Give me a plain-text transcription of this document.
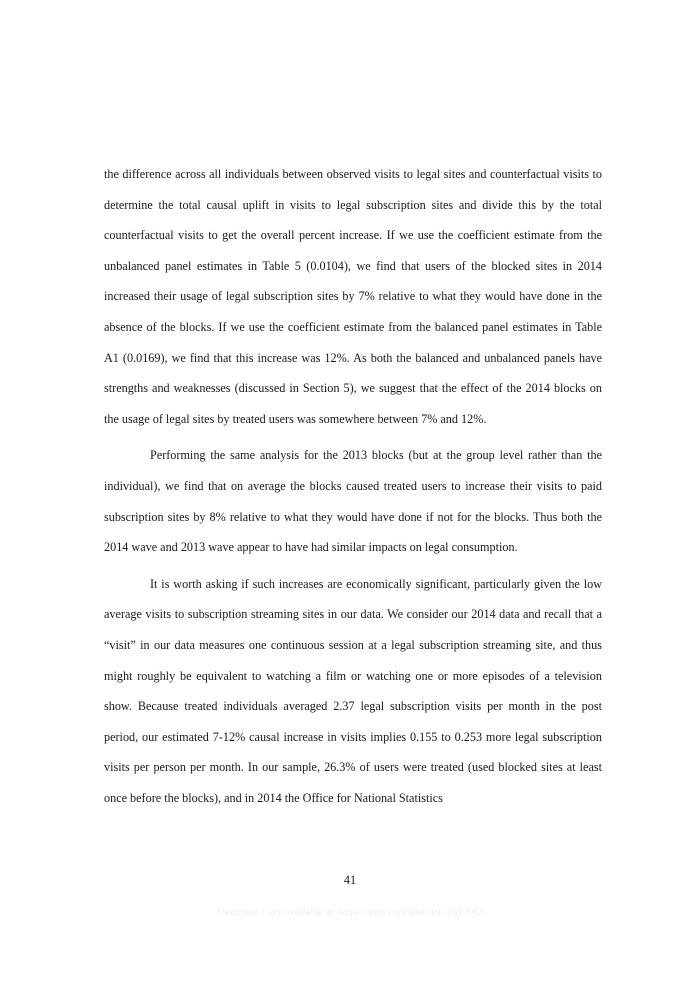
the difference across all individuals between observed visits to legal sites and counterfactual visits to determine the total causal uplift in visits to legal subscription sites and divide this by the total counterfactual visits to get the overall percent increase. If we use the coefficient estimate from the unbalanced panel estimates in Table 5 (0.0104), we find that users of the blocked sites in 2014 increased their usage of legal subscription sites by 7% relative to what they would have done in the absence of the blocks. If we use the coefficient estimate from the balanced panel estimates in Table A1 (0.0169), we find that this increase was 12%. As both the balanced and unbalanced panels have strengths and weaknesses (discussed in Section 5), we suggest that the effect of the 2014 blocks on the usage of legal sites by treated users was somewhere between 7% and 12%.

Performing the same analysis for the 2013 blocks (but at the group level rather than the individual), we find that on average the blocks caused treated users to increase their visits to paid subscription sites by 8% relative to what they would have done if not for the blocks. Thus both the 2014 wave and 2013 wave appear to have had similar impacts on legal consumption.

It is worth asking if such increases are economically significant, particularly given the low average visits to subscription streaming sites in our data. We consider our 2014 data and recall that a “visit” in our data measures one continuous session at a legal subscription streaming site, and thus might roughly be equivalent to watching a film or watching one or more episodes of a television show. Because treated individuals averaged 2.37 legal subscription visits per month in the post period, our estimated 7-12% causal increase in visits implies 0.155 to 0.253 more legal subscription visits per person per month. In our sample, 26.3% of users were treated (used blocked sites at least once before the blocks), and in 2014 the Office for National Statistics

41
Electronic copy available at: https://ssrn.com/abstract=2612063
